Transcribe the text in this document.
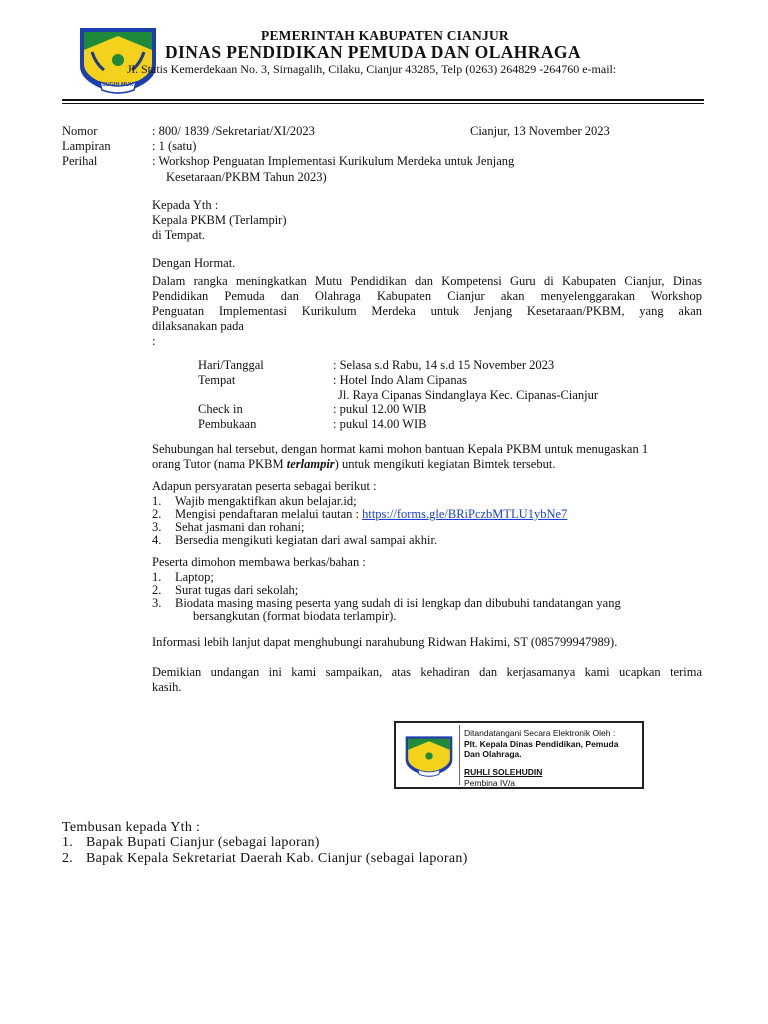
SUGIH MUKTI
PEMERINTAH KABUPATEN CIANJUR
DINAS PENDIDIKAN PEMUDA DAN OLAHRAGA
Jl. Statis Kemerdekaan No. 3, Sirnagalih, Cilaku, Cianjur 43285, Telp (0263) 264829 -264760 e-mail:
Nomor	: 800/ 1839 /Sekretariat/XI/2023	Cianjur, 13 November 2023
Lampiran	: 1 (satu)
Perihal	: Workshop Penguatan Implementasi Kurikulum Merdeka untuk Jenjang
Kesetaraan/PKBM Tahun 2023)
Kepada Yth :
Kepala PKBM (Terlampir)
di Tempat.
Dengan Hormat.
Dalam rangka meningkatkan Mutu Pendidikan dan Kompetensi Guru di Kabupaten Cianjur, Dinas
Pendidikan Pemuda dan Olahraga Kabupaten Cianjur akan menyelenggarakan Workshop
Penguatan Implementasi Kurikulum Merdeka untuk Jenjang Kesetaraan/PKBM, yang akan
dilaksanakan pada
:
Hari/Tanggal	: Selasa s.d Rabu, 14 s.d 15 November 2023
Tempat	: Hotel Indo Alam Cipanas
Jl. Raya Cipanas Sindanglaya Kec. Cipanas-Cianjur
Check in	: pukul 12.00 WIB
Pembukaan	: pukul 14.00 WIB
Sehubungan hal tersebut, dengan hormat kami mohon bantuan Kepala PKBM untuk menugaskan 1
orang Tutor (nama PKBM terlampir) untuk mengikuti kegiatan Bimtek tersebut.
Adapun persyaratan peserta sebagai berikut :
1. Wajib mengaktifkan akun belajar.id;
2. Mengisi pendaftaran melalui tautan : https://forms.gle/BRiPczbMTLU1ybNe7
3. Sehat jasmani dan rohani;
4. Bersedia mengikuti kegiatan dari awal sampai akhir.
Peserta dimohon membawa berkas/bahan :
1. Laptop;
2. Surat tugas dari sekolah;
3. Biodata masing masing peserta yang sudah di isi lengkap dan dibubuhi tandatangan yang
bersangkutan (format biodata terlampir).
Informasi lebih lanjut dapat menghubungi narahubung Ridwan Hakimi, ST (085799947989).
Demikian undangan ini kami sampaikan, atas kehadiran dan kerjasamanya kami ucapkan terima
kasih.
Ditandatangani Secara Elektronik Oleh :
Plt. Kepala Dinas Pendidikan, Pemuda
Dan Olahraga.
RUHLI SOLEHUDIN
Pembina IV/a
Tembusan kepada Yth :
1. Bapak Bupati Cianjur (sebagai laporan)
2. Bapak Kepala Sekretariat Daerah Kab. Cianjur (sebagai laporan)
